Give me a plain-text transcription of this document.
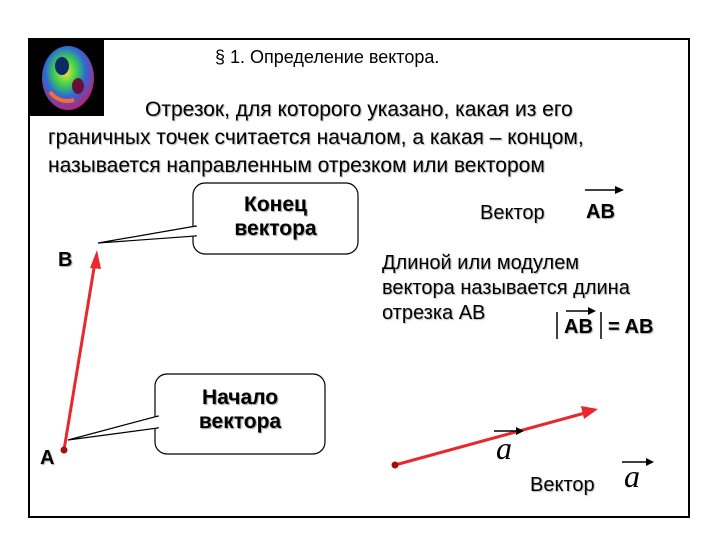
§ 1. Определение вектора.
Отрезок, для которого указано, какая из его
граничных точек считается началом, а какая – концом,
называется направленным отрезком или вектором
Конец
вектора
Начало
вектора
B
A
Вектор AB
Длиной или модулем
вектора называется длина
отрезка АВ
AB = AB
a
Вектор a
